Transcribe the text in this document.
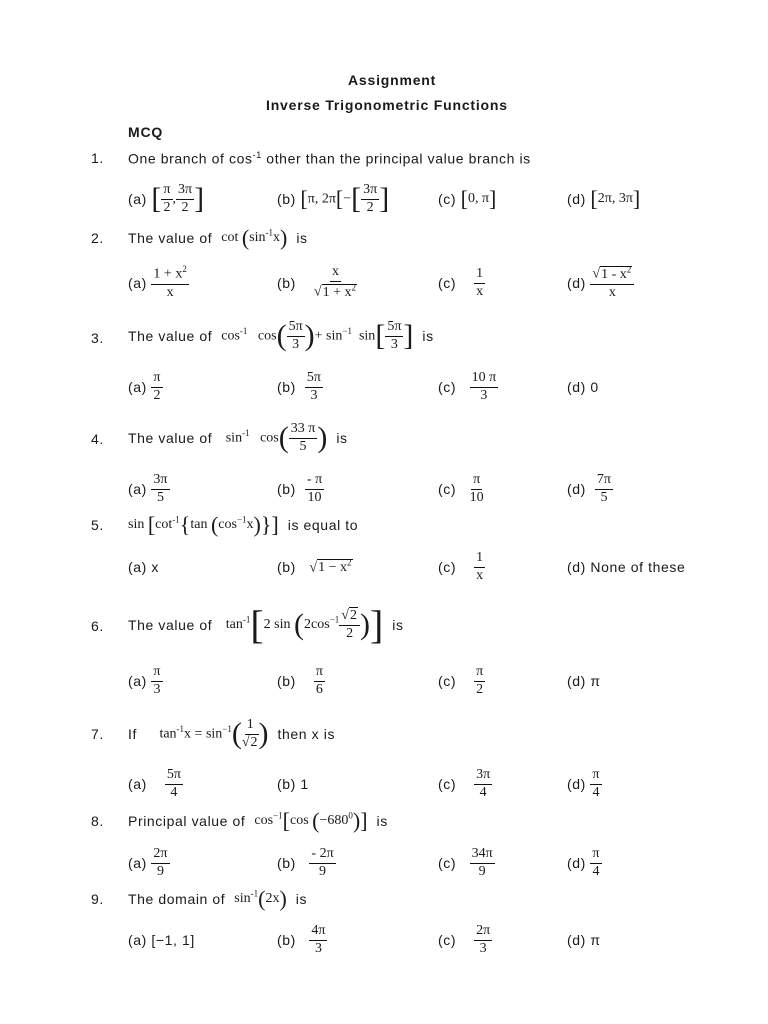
Assignment
Inverse Trigonometric Functions
MCQ
1. One branch of $\cos^{-1}$ other than the principal value branch is
(a)
[ $\frac{\pi}{2}$ , $\frac{3\pi}{2}$ ]	(b)
[π, $2\pi[-[ \frac{3\pi}{2}$ ]	(c)
[0, π]	(d)
[2π, 3π]
2. The value of
$\cot (\sin^{-1}x)$
is
(a)

$1 + x^2$
x
(b)

x
$√1 + x^2$	(c)

1
x	(d)

$√1 - x^2$
x
3. The value of
$\cos^{-1} \cos( \frac{5\pi}{3}$ )+ $\sin^{-1} \sin[ \frac{5\pi}{3}$ ]
is
(a)

π
2	(b)

5π
3	(c)

10 π
3	(d) 0
4. The value of
$\sin^{-1} \cos( \frac{33 \pi}{5}$ )
is
(a)

3π
5	(b)

- π
10	(c)

π
10	(d)

7π
5
5. $\sin [\cot^{-1}\{\tan$ $(\cos^{-1}x)$}]
is equal to
(a) x	(b)
$√1 - x^2$	(c)

1
x	(d) None of these
6. The value of
$\tan^{-1}[2$ $\sin (2\cos^{-1} \frac{√2}{2}$ )]
is
(a)

π
3	(b)

π
6	(c)

π
2	(d) π
7. If
$\tan^{-1}x = \sin^{-1}( \frac{1}{√2}$ )
then x is
(a)

5π
4	(b) 1	(c)

3π
4	(d)

π
4
8. Principal value of
$\cos^{-1}[\cos$ $(-680^0)$]
is
(a)

2π
9	(b)

- 2π
9	(c)

34π
9	(d)

π
4
9. The domain of
$\sin^{-1}(2x)$
is
(a) [−1, 1]	(b)

4π
3	(c)

2π
3	(d) π
